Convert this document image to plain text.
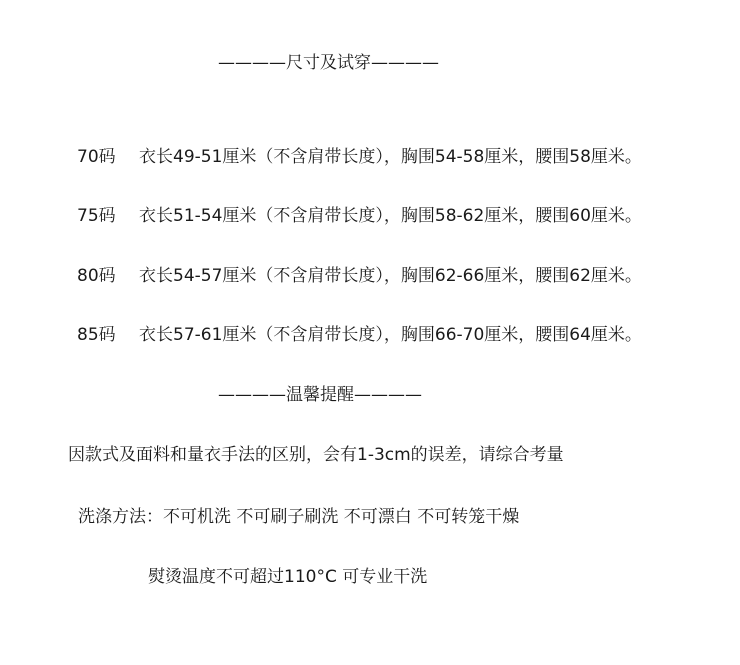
————尺寸及试穿————
70码 衣长49-51厘米（不含肩带长度），胸围54-58厘米，腰围58厘米。
75码 衣长51-54厘米（不含肩带长度），胸围58-62厘米，腰围60厘米。
80码 衣长54-57厘米（不含肩带长度），胸围62-66厘米，腰围62厘米。
85码 衣长57-61厘米（不含肩带长度），胸围66-70厘米，腰围64厘米。
————温馨提醒————
因款式及面料和量衣手法的区别，会有1-3cm的误差，请综合考量
洗涤方法：不可机洗 不可刷子刷洗 不可漂白 不可转笼干燥
熨烫温度不可超过110°C 可专业干洗
